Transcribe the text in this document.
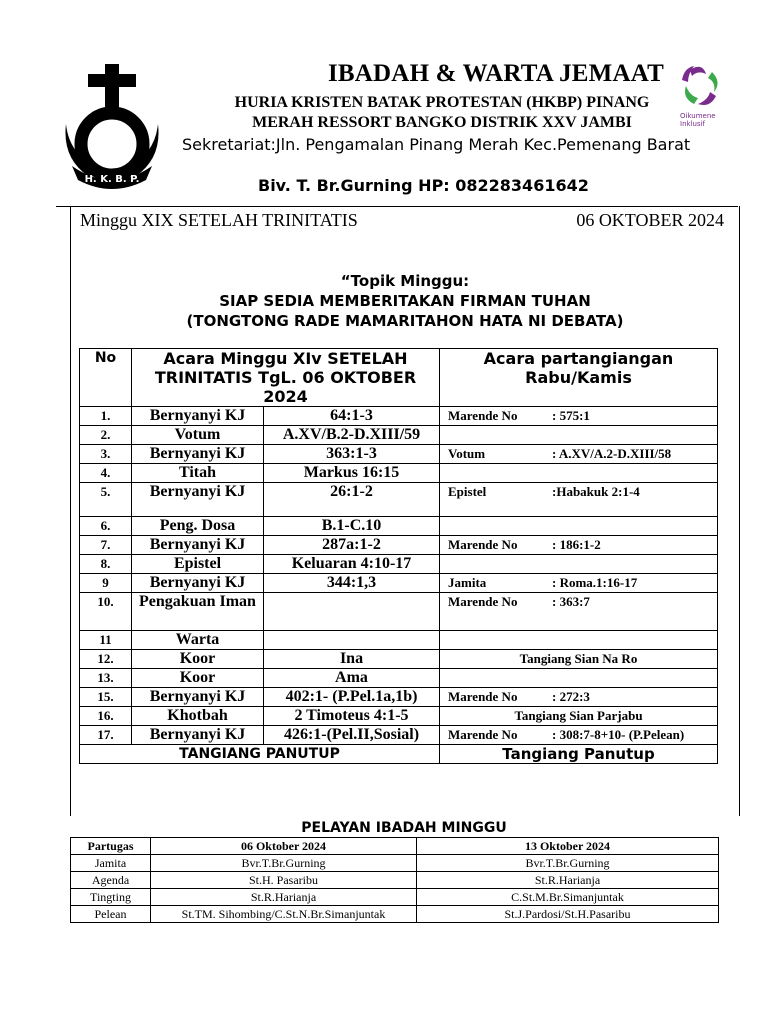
H. K. B. P.
IBADAH & WARTA JEMAAT
Oikumene
Inklusif
HURIA KRISTEN BATAK PROTESTAN (HKBP) PINANG
MERAH RESSORT BANGKO DISTRIK XXV JAMBI
Sekretariat:Jln. Pengamalan Pinang Merah Kec.Pemenang Barat
Biv. T. Br.Gurning HP: 082283461642
Minggu XIX SETELAH TRINITATIS	06 OKTOBER 2024
“Topik Minggu:
SIAP SEDIA MEMBERITAKAN FIRMAN TUHAN
(TONGTONG RADE MAMARITAHON HATA NI DEBATA)
No	Acara Minggu XIv SETELAH TRINITATIS TgL. 06 OKTOBER 2024		Acara partangiangan Rabu/Kamis
1.	Bernyanyi KJ	64:1-3	Marende No : 575:1
2.	Votum	A.XV/B.2-D.XIII/59	
3.	Bernyanyi KJ	363:1-3	Votum : A.XV/A.2-D.XIII/58
4.	Titah	Markus 16:15	
5.	Bernyanyi KJ	26:1-2	Epistel :Habakuk 2:1-4
6.	Peng. Dosa	B.1-C.10	
7.	Bernyanyi KJ	287a:1-2	Marende No : 186:1-2
8.	Epistel	Keluaran 4:10-17	
9	Bernyanyi KJ	344:1,3	Jamita : Roma.1:16-17
10.	Pengakuan Iman		Marende No : 363:7
11	Warta		
12.	Koor	Ina	Tangiang Sian Na Ro
13.	Koor	Ama	
15.	Bernyanyi KJ	402:1- (P.Pel.1a,1b)	Marende No : 272:3
16.	Khotbah	2 Timoteus 4:1-5	Tangiang Sian Parjabu
17.	Bernyanyi KJ	426:1-(Pel.II,Sosial)	Marende No : 308:7-8+10- (P.Pelean)
TANGIANG PANUTUP			Tangiang Panutup
PELAYAN IBADAH MINGGU
Partugas	06 Oktober 2024	13 Oktober 2024
Jamita	Bvr.T.Br.Gurning	Bvr.T.Br.Gurning
Agenda	St.H. Pasaribu	St.R.Harianja
Tingting	St.R.Harianja	C.St.M.Br.Simanjuntak
Pelean	St.TM. Sihombing/C.St.N.Br.Simanjuntak	St.J.Pardosi/St.H.Pasaribu
